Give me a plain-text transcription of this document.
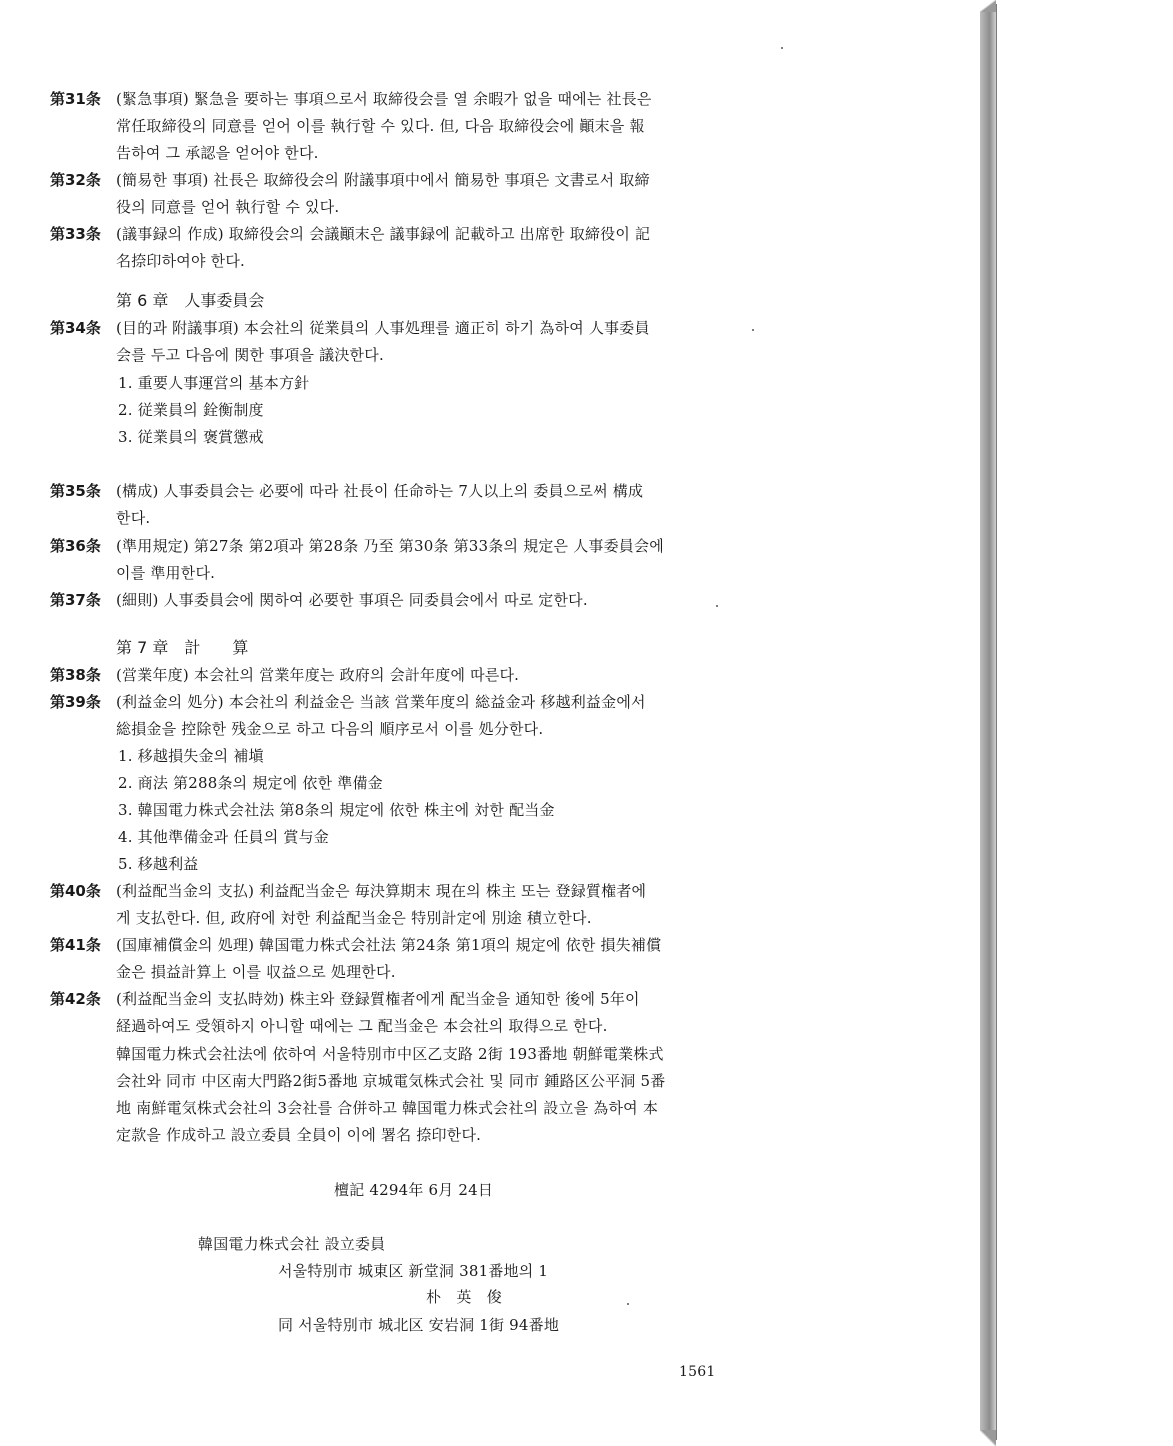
第31条 (緊急事項) 緊急을 要하는 事項으로서 取締役会를 열 余暇가 없을 때에는 社長은
常任取締役의 同意를 얻어 이를 執行할 수 있다. 但, 다음 取締役会에 顚末을 報
告하여 그 承認을 얻어야 한다.
第32条 (簡易한 事項) 社長은 取締役会의 附議事項中에서 簡易한 事項은 文書로서 取締
役의 同意를 얻어 執行할 수 있다.
第33条 (議事録의 作成) 取締役会의 会議顚末은 議事録에 記載하고 出席한 取締役이 記
名捺印하여야 한다.
第 6 章　人事委員会
第34条 (目的과 附議事項) 本会社의 従業員의 人事処理를 適正히 하기 為하여 人事委員
会를 두고 다음에 関한 事項을 議決한다.
1. 重要人事運営의 基本方針
2. 従業員의 銓衡制度
3. 従業員의 褒賞懲戒
第35条 (構成) 人事委員会는 必要에 따라 社長이 任命하는 7人以上의 委員으로써 構成
한다.
第36条 (準用規定) 第27条 第2項과 第28条 乃至 第30条 第33条의 規定은 人事委員会에
이를 準用한다.
第37条 (細則) 人事委員会에 関하여 必要한 事項은 同委員会에서 따로 定한다.
第 7 章　計　　算
第38条 (営業年度) 本会社의 営業年度는 政府의 会計年度에 따른다.
第39条 (利益金의 処分) 本会社의 利益金은 当該 営業年度의 総益金과 移越利益金에서
総損金을 控除한 残金으로 하고 다음의 順序로서 이를 処分한다.
1. 移越損失金의 補塡
2. 商法 第288条의 規定에 依한 準備金
3. 韓国電力株式会社法 第8条의 規定에 依한 株主에 対한 配当金
4. 其他準備金과 任員의 賞与金
5. 移越利益
第40条 (利益配当金의 支払) 利益配当金은 毎決算期末 現在의 株主 또는 登録質権者에
게 支払한다. 但, 政府에 対한 利益配当金은 特別計定에 別途 積立한다.
第41条 (国庫補償金의 処理) 韓国電力株式会社法 第24条 第1項의 規定에 依한 損失補償
金은 損益計算上 이를 収益으로 処理한다.
第42条 (利益配当金의 支払時効) 株主와 登録質権者에게 配当金을 通知한 後에 5年이
経過하여도 受領하지 아니할 때에는 그 配当金은 本会社의 取得으로 한다.
韓国電力株式会社法에 依하여 서울特別市中区乙支路 2街 193番地 朝鮮電業株式
会社와 同市 中区南大門路2街5番地 京城電気株式会社 및 同市 鍾路区公平洞 5番
地 南鮮電気株式会社의 3会社를 合併하고 韓国電力株式会社의 設立을 為하여 本
定款을 作成하고 設立委員 全員이 이에 署名 捺印한다.
檀記 4294年 6月 24日
韓国電力株式会社 設立委員
서울特別市 城東区 新堂洞 381番地의 1
朴　英　俊
同 서울特別市 城北区 安岩洞 1街 94番地
1561
